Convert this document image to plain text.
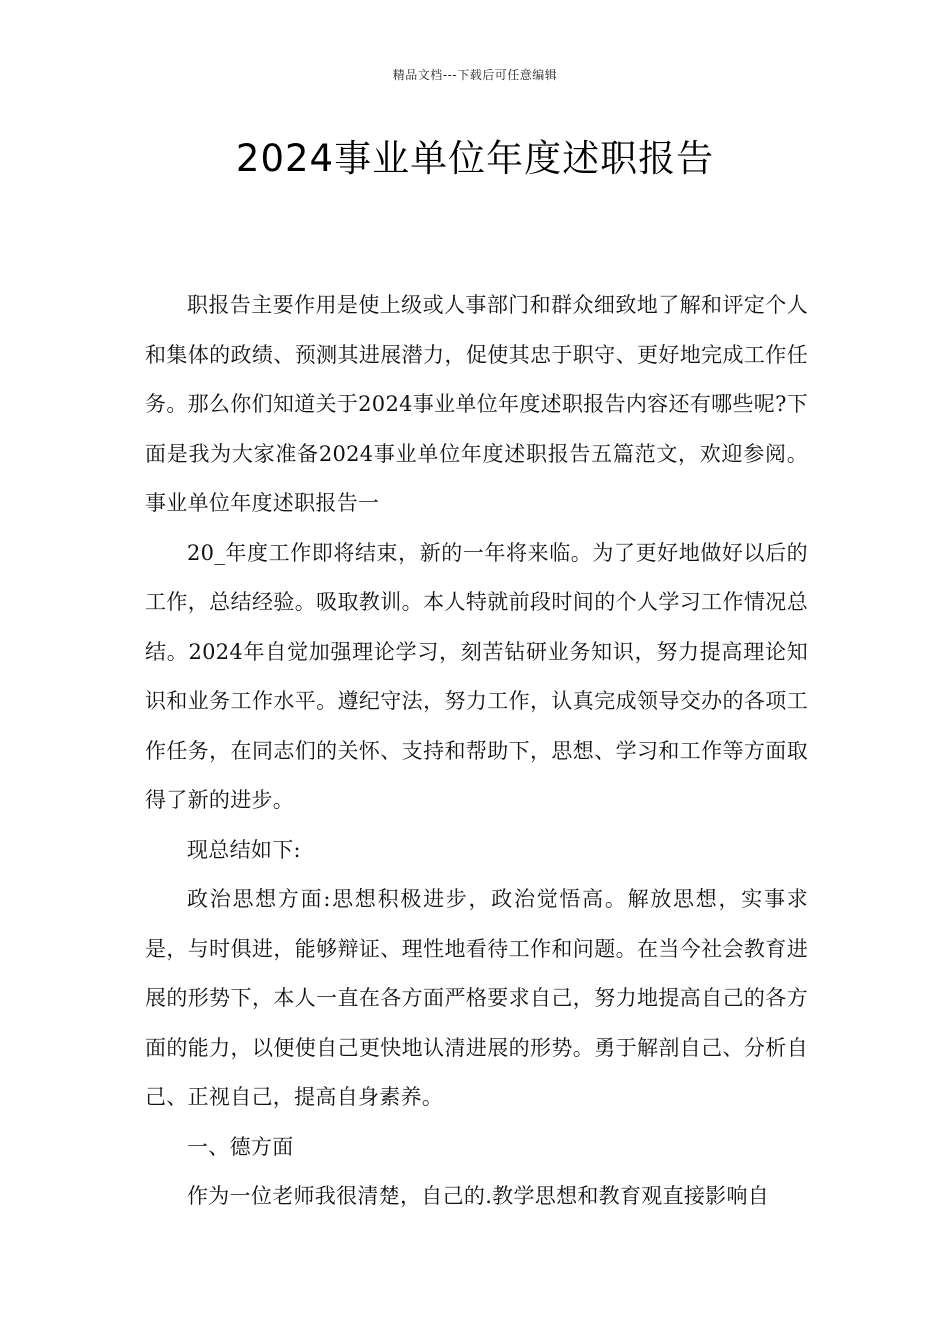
精品文档---下载后可任意编辑
2024事业单位年度述职报告

职报告主要作用是使上级或人事部门和群众细致地了解和评定个人和集体的政绩、预测其进展潜力，促使其忠于职守、更好地完成工作任务。那么你们知道关于2024事业单位年度述职报告内容还有哪些呢?下面是我为大家准备2024事业单位年度述职报告五篇范文，欢迎参阅。事业单位年度述职报告一

20_年度工作即将结束，新的一年将来临。为了更好地做好以后的工作，总结经验。吸取教训。本人特就前段时间的个人学习工作情况总结。2024年自觉加强理论学习，刻苦钻研业务知识，努力提高理论知识和业务工作水平。遵纪守法，努力工作，认真完成领导交办的各项工作任务，在同志们的关怀、支持和帮助下，思想、学习和工作等方面取得了新的进步。

现总结如下:

政治思想方面:思想积极进步，政治觉悟高。解放思想，实事求是，与时俱进，能够辩证、理性地看待工作和问题。在当今社会教育进展的形势下，本人一直在各方面严格要求自己，努力地提高自己的各方面的能力，以便使自己更快地认清进展的形势。勇于解剖自己、分析自己、正视自己，提高自身素养。

一、德方面

作为一位老师我很清楚，自己的.教学思想和教育观直接影响自
